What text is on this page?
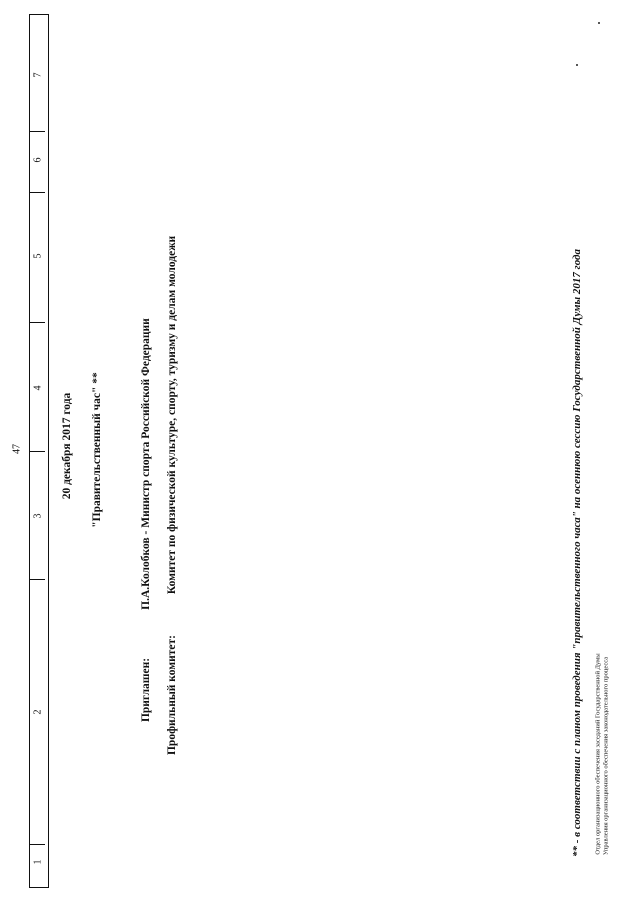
1
2
3
4
5
6
7
47	20 декабря 2017 года "Правительственный час" **
Приглашен:
П.А.Колобков - Министр спорта Российской Федерации
Профильный комитет:
Комитет по физической культуре, спорту, туризму и делам молодежи	** - в соответствии с планом проведения "правительственного часа" на осеннюю сессию Государственной Думы 2017 года Отдел организационного обеспечения заседаний Государственной Думы Управления организационного обеспечения законодательного процесса
